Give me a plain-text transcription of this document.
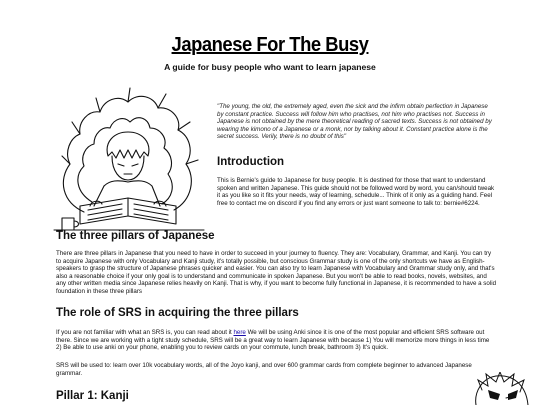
Japanese For The Busy

A guide for busy people who want to learn japanese

"The young, the old, the extremely aged, even the sick and the infirm obtain perfection in Japanese by constant practice. Success will follow him who practises, not him who practises not. Success in Japanese is not obtained by the mere theoretical reading of sacred texts. Success is not obtained by wearing the kimono of a Japanese or a monk, nor by talking about it. Constant practice alone is the secret success. Verily, there is no doubt of this"

Introduction

This is Bernie's guide to Japanese for busy people. It is destined for those that want to understand spoken and written Japanese. This guide should not be followed word by word, you can/should tweak it as you like so it fits your needs, way of learning, schedule... Think of it only as a guiding hand. Feel free to contact me on discord if you find any errors or just want someone to talk to: bernie#6224.

The three pillars of Japanese

There are three pillars in Japanese that you need to have in order to succeed in your journey to fluency. They are: Vocabulary, Grammar, and Kanji. You can try to acquire Japanese with only Vocabulary and Kanji study, it's totally possible, but conscious Grammar study is one of the only shortcuts we have as English-speakers to grasp the structure of Japanese phrases quicker and easier. You can also try to learn Japanese with Vocabulary and Grammar study only, and that's also a reasonable choice if your only goal is to understand and communicate in spoken Japanese. But you won't be able to read books, novels, websites, and any other written media since Japanese relies heavily on Kanji. That is why, if you want to become fully functional in Japanese, it is recommended to have a solid foundation in these three pillars

The role of SRS in acquiring the three pillars

If you are not familiar with what an SRS is, you can read about it here We will be using Anki since it is one of the most popular and efficient SRS software out there. Since we are working with a tight study schedule, SRS will be a great way to learn Japanese with because 1) You will memorize more things in less time 2) Be able to use anki on your phone, enabling you to review cards on your commute, lunch break, bathroom 3) It's quick.

SRS will be used to: learn over 10k vocabulary words, all of the Joyo kanji, and over 600 grammar cards from complete beginner to advanced Japanese grammar.

Pillar 1: Kanji
